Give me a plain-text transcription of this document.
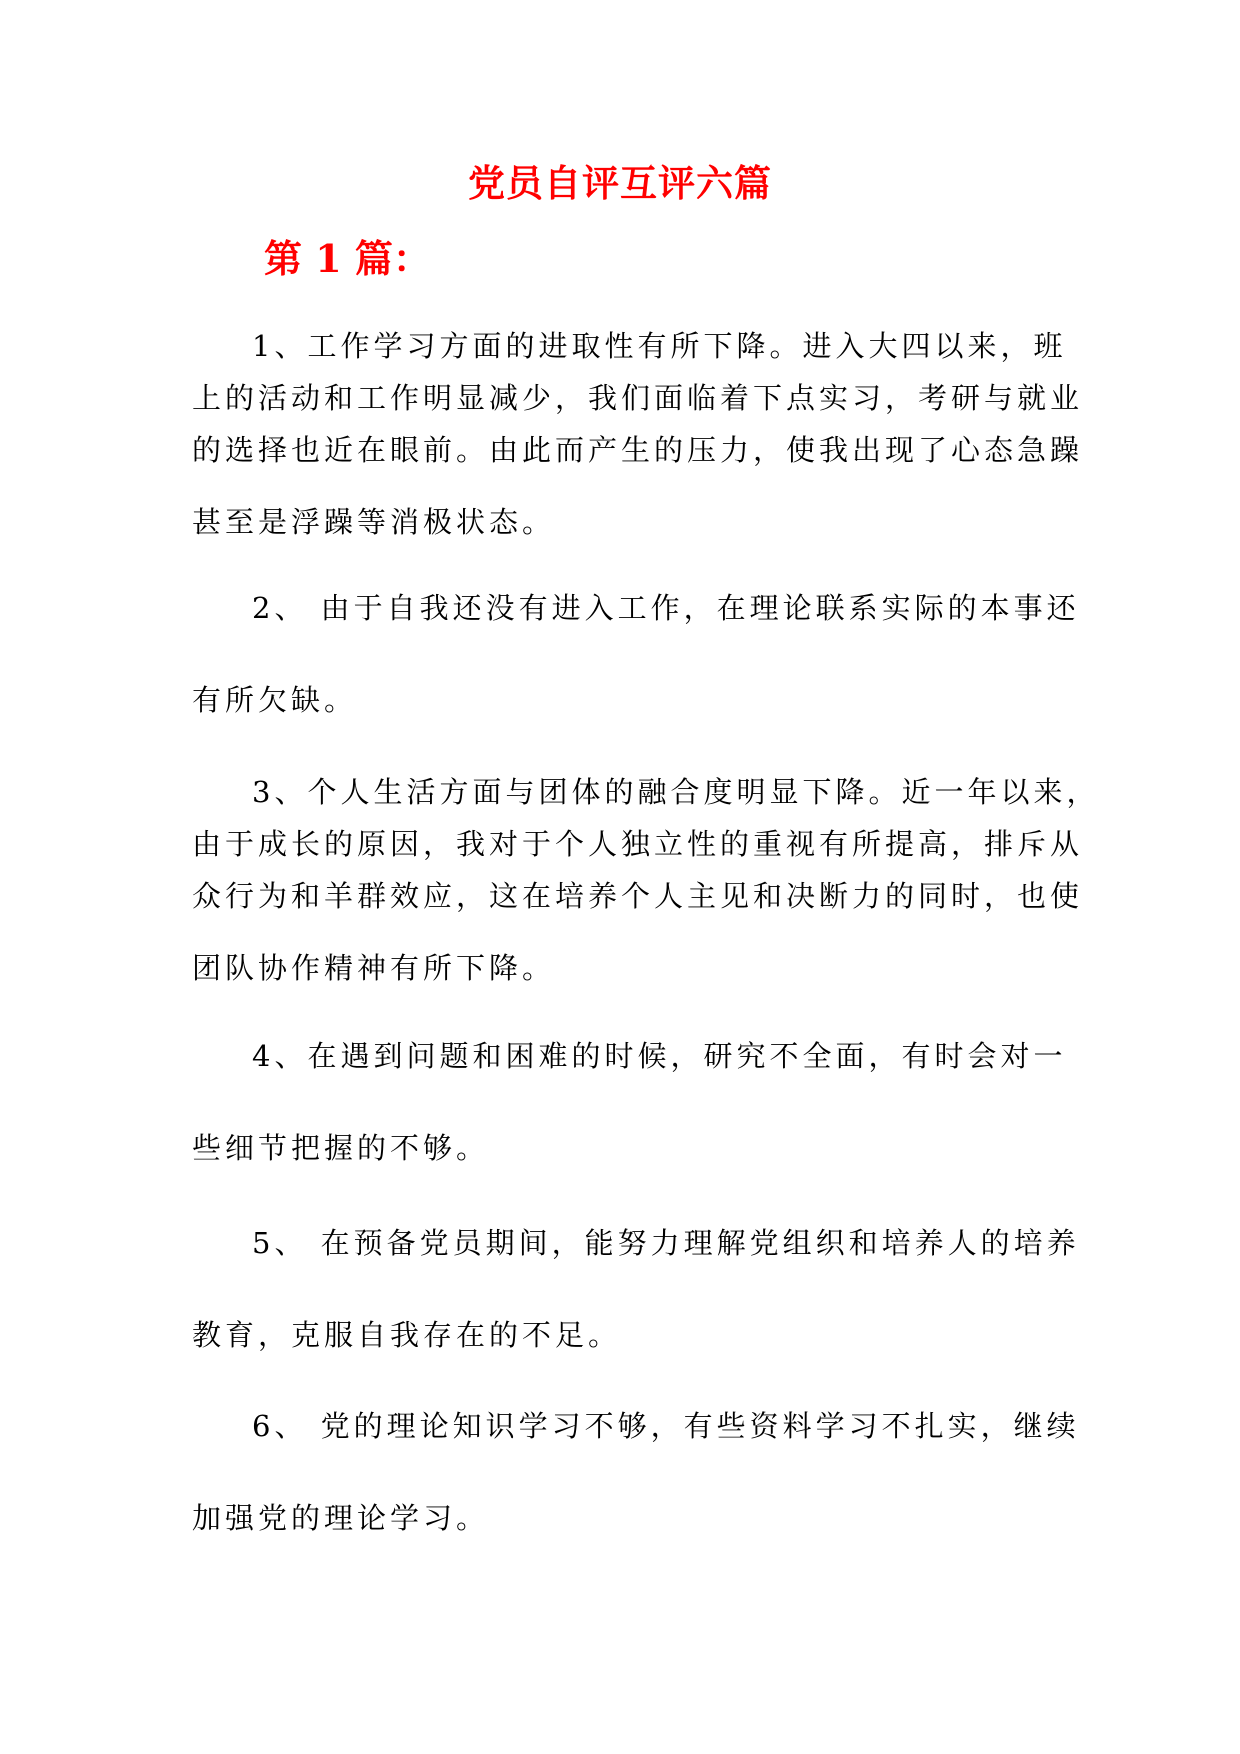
党员自评互评六篇
第 1 篇：
1、工作学习方面的进取性有所下降。进入大四以来，班
上的活动和工作明显减少，我们面临着下点实习，考研与就业
的选择也近在眼前。由此而产生的压力，使我出现了心态急躁
甚至是浮躁等消极状态。
2、 由于自我还没有进入工作，在理论联系实际的本事还
有所欠缺。
3、个人生活方面与团体的融合度明显下降。近一年以来，
由于成长的原因，我对于个人独立性的重视有所提高，排斥从
众行为和羊群效应，这在培养个人主见和决断力的同时，也使
团队协作精神有所下降。
4、在遇到问题和困难的时候，研究不全面，有时会对一
些细节把握的不够。
5、 在预备党员期间，能努力理解党组织和培养人的培养
教育，克服自我存在的不足。
6、 党的理论知识学习不够，有些资料学习不扎实，继续
加强党的理论学习。
